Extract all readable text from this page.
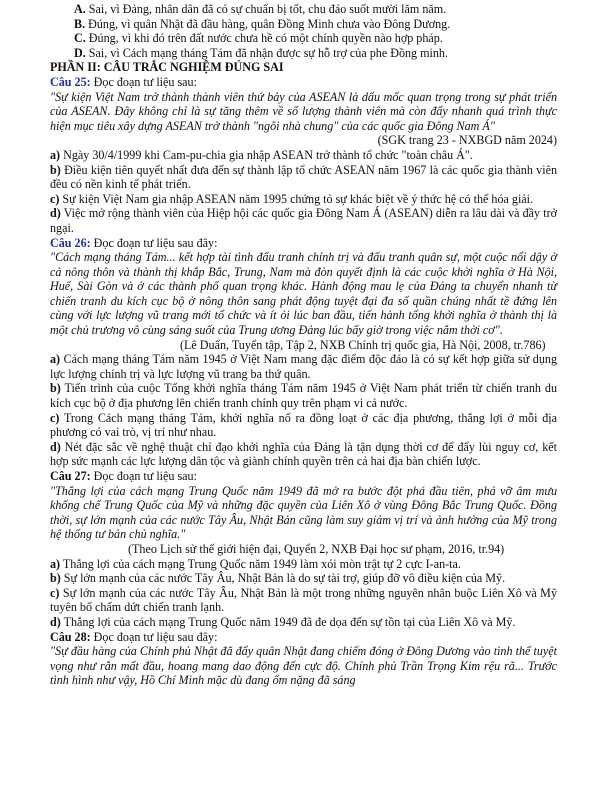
A. Sai, vì Đảng, nhân dân đã có sự chuẩn bị tốt, chu đáo suốt mười lăm năm.

B. Đúng, vì quân Nhật đã đầu hàng, quân Đồng Minh chưa vào Đông Dương.

C. Đúng, vì khi đó trên đất nước chưa hề có một chính quyền nào hợp pháp.

D. Sai, vì Cách mạng tháng Tám đã nhận được sự hỗ trợ của phe Đồng minh.

PHẦN II: CÂU TRẮC NGHIỆM ĐÚNG SAI

Câu 25: Đọc đoạn tư liệu sau:

"Sự kiện Việt Nam trở thành thành viên thứ bảy của ASEAN là dấu mốc quan trọng trong sự phát triển của ASEAN. Đây không chỉ là sự tăng thêm về số lượng thành viên mà còn đẩy nhanh quá trình thực hiện mục tiêu xây dựng ASEAN trở thành "ngôi nhà chung" của các quốc gia Đông Nam Á"

(SGK trang 23 - NXBGD năm 2024)

a) Ngày 30/4/1999 khi Cam-pu-chia gia nhập ASEAN trở thành tổ chức "toàn châu Á".

b) Điều kiện tiên quyết nhất đưa đến sự thành lập tổ chức ASEAN năm 1967 là các quốc gia thành viên đều có nền kinh tế phát triển.

c) Sự kiện Việt Nam gia nhập ASEAN năm 1995 chứng tỏ sự khác biệt về ý thức hệ có thể hóa giải.

d) Việc mở rộng thành viên của Hiệp hội các quốc gia Đông Nam Á (ASEAN) diễn ra lâu dài và đầy trở ngại.

Câu 26: Đọc đoạn tư liệu sau đây:

"Cách mạng tháng Tám... kết hợp tài tình đấu tranh chính trị và đấu tranh quân sự, một cuộc nổi dậy ở cả nông thôn và thành thị khắp Bắc, Trung, Nam mà đòn quyết định là các cuộc khởi nghĩa ở Hà Nội, Huế, Sài Gòn và ở các thành phố quan trọng khác. Hành động mau lẹ của Đảng ta chuyển nhanh từ chiến tranh du kích cục bộ ở nông thôn sang phát động tuyệt đại đa số quần chúng nhất tề đứng lên cùng với lực lượng vũ trang mới tổ chức và ít ỏi lúc ban đầu, tiến hành tổng khởi nghĩa ở thành thị là một chủ trương vô cùng sáng suốt của Trung ương Đảng lúc bấy giờ trong việc nắm thời cơ".

(Lê Duẩn, Tuyển tập, Tập 2, NXB Chính trị quốc gia, Hà Nội, 2008, tr.786)

a) Cách mạng tháng Tám năm 1945 ở Việt Nam mang đặc điểm độc đáo là có sự kết hợp giữa sử dụng lực lượng chính trị và lực lượng vũ trang ba thứ quân.

b) Tiến trình của cuộc Tổng khởi nghĩa tháng Tám năm 1945 ở Việt Nam phát triển từ chiến tranh du kích cục bộ ở địa phương lên chiến tranh chính quy trên phạm vi cả nước.

c) Trong Cách mạng tháng Tám, khởi nghĩa nổ ra đồng loạt ở các địa phương, thắng lợi ở mỗi địa phương có vai trò, vị trí như nhau.

d) Nét đặc sắc về nghệ thuật chỉ đạo khởi nghĩa của Đảng là tận dụng thời cơ để đẩy lùi nguy cơ, kết hợp sức mạnh các lực lượng dân tộc và giành chính quyền trên cả hai địa bàn chiến lược.

Câu 27: Đọc đoạn tư liệu sau:

"Thắng lợi của cách mạng Trung Quốc năm 1949 đã mở ra bước đột phá đầu tiên, phá vỡ âm mưu khống chế Trung Quốc của Mỹ và những đặc quyền của Liên Xô ở vùng Đông Bắc Trung Quốc. Đồng thời, sự lớn mạnh của các nước Tây Âu, Nhật Bản cũng làm suy giảm vị trí và ảnh hưởng của Mỹ trong hệ thống tư bản chủ nghĩa."

(Theo Lịch sử thế giới hiện đại, Quyển 2, NXB Đại học sư phạm, 2016, tr.94)

a) Thắng lợi của cách mạng Trung Quốc năm 1949 làm xói mòn trật tự 2 cực I-an-ta.

b) Sự lớn mạnh của các nước Tây Âu, Nhật Bản là do sự tài trợ, giúp đỡ vô điều kiện của Mỹ.

c) Sự lớn mạnh của các nước Tây Âu, Nhật Bản là một trong những nguyên nhân buộc Liên Xô và Mỹ tuyên bố chấm dứt chiến tranh lạnh.

d) Thắng lợi của cách mạng Trung Quốc năm 1949 đã đe dọa đến sự tồn tại của Liên Xô và Mỹ.

Câu 28: Đọc đoạn tư liệu sau đây:

"Sự đầu hàng của Chính phủ Nhật đã đẩy quân Nhật đang chiếm đóng ở Đông Dương vào tình thế tuyệt vọng như rắn mất đầu, hoang mang dao động đến cực độ. Chính phủ Trần Trọng Kim rệu rã... Trước tình hình như vậy, Hồ Chí Minh mặc dù đang ốm nặng đã sáng
